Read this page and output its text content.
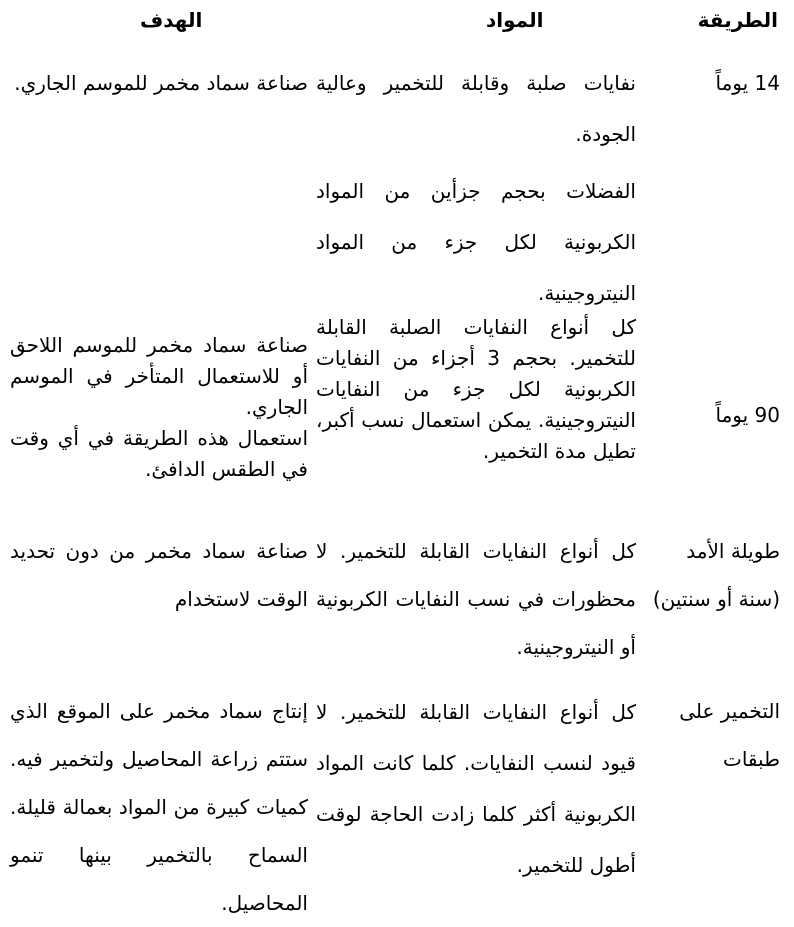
الطريقة
المواد
الهدف
14 يوماً

نفايات صلبة وقابلة للتخمير وعالية الجودة.

الفضلات بحجم جزأين من المواد الكربونية لكل جزء من المواد النيتروجينية.

صناعة سماد مخمر للموسم الجاري.

90 يوماً

كل أنواع النفايات الصلبة القابلة للتخمير. بحجم 3 أجزاء من النفايات الكربونية لكل جزء من النفايات النيتروجينية. يمكن استعمال نسب أكبر، تطيل مدة التخمير.

صناعة سماد مخمر للموسم اللاحق أو للاستعمال المتأخر في الموسم الجاري.

استعمال هذه الطريقة في أي وقت في الطقس الدافئ.

طويلة الأمد (سنة أو سنتين)

كل أنواع النفايات القابلة للتخمير. لا محظورات في نسب النفايات الكربونية أو النيتروجينية.

صناعة سماد مخمر من دون تحديد الوقت لاستخدام

التخمير على طبقات

كل أنواع النفايات القابلة للتخمير. لا قيود لنسب النفايات. كلما كانت المواد الكربونية أكثر كلما زادت الحاجة لوقت أطول للتخمير.

إنتاج سماد مخمر على الموقع الذي ستتم زراعة المحاصيل ولتخمير فيه. كميات كبيرة من المواد بعمالة قليلة. السماح بالتخمير بينها تنمو المحاصيل.
